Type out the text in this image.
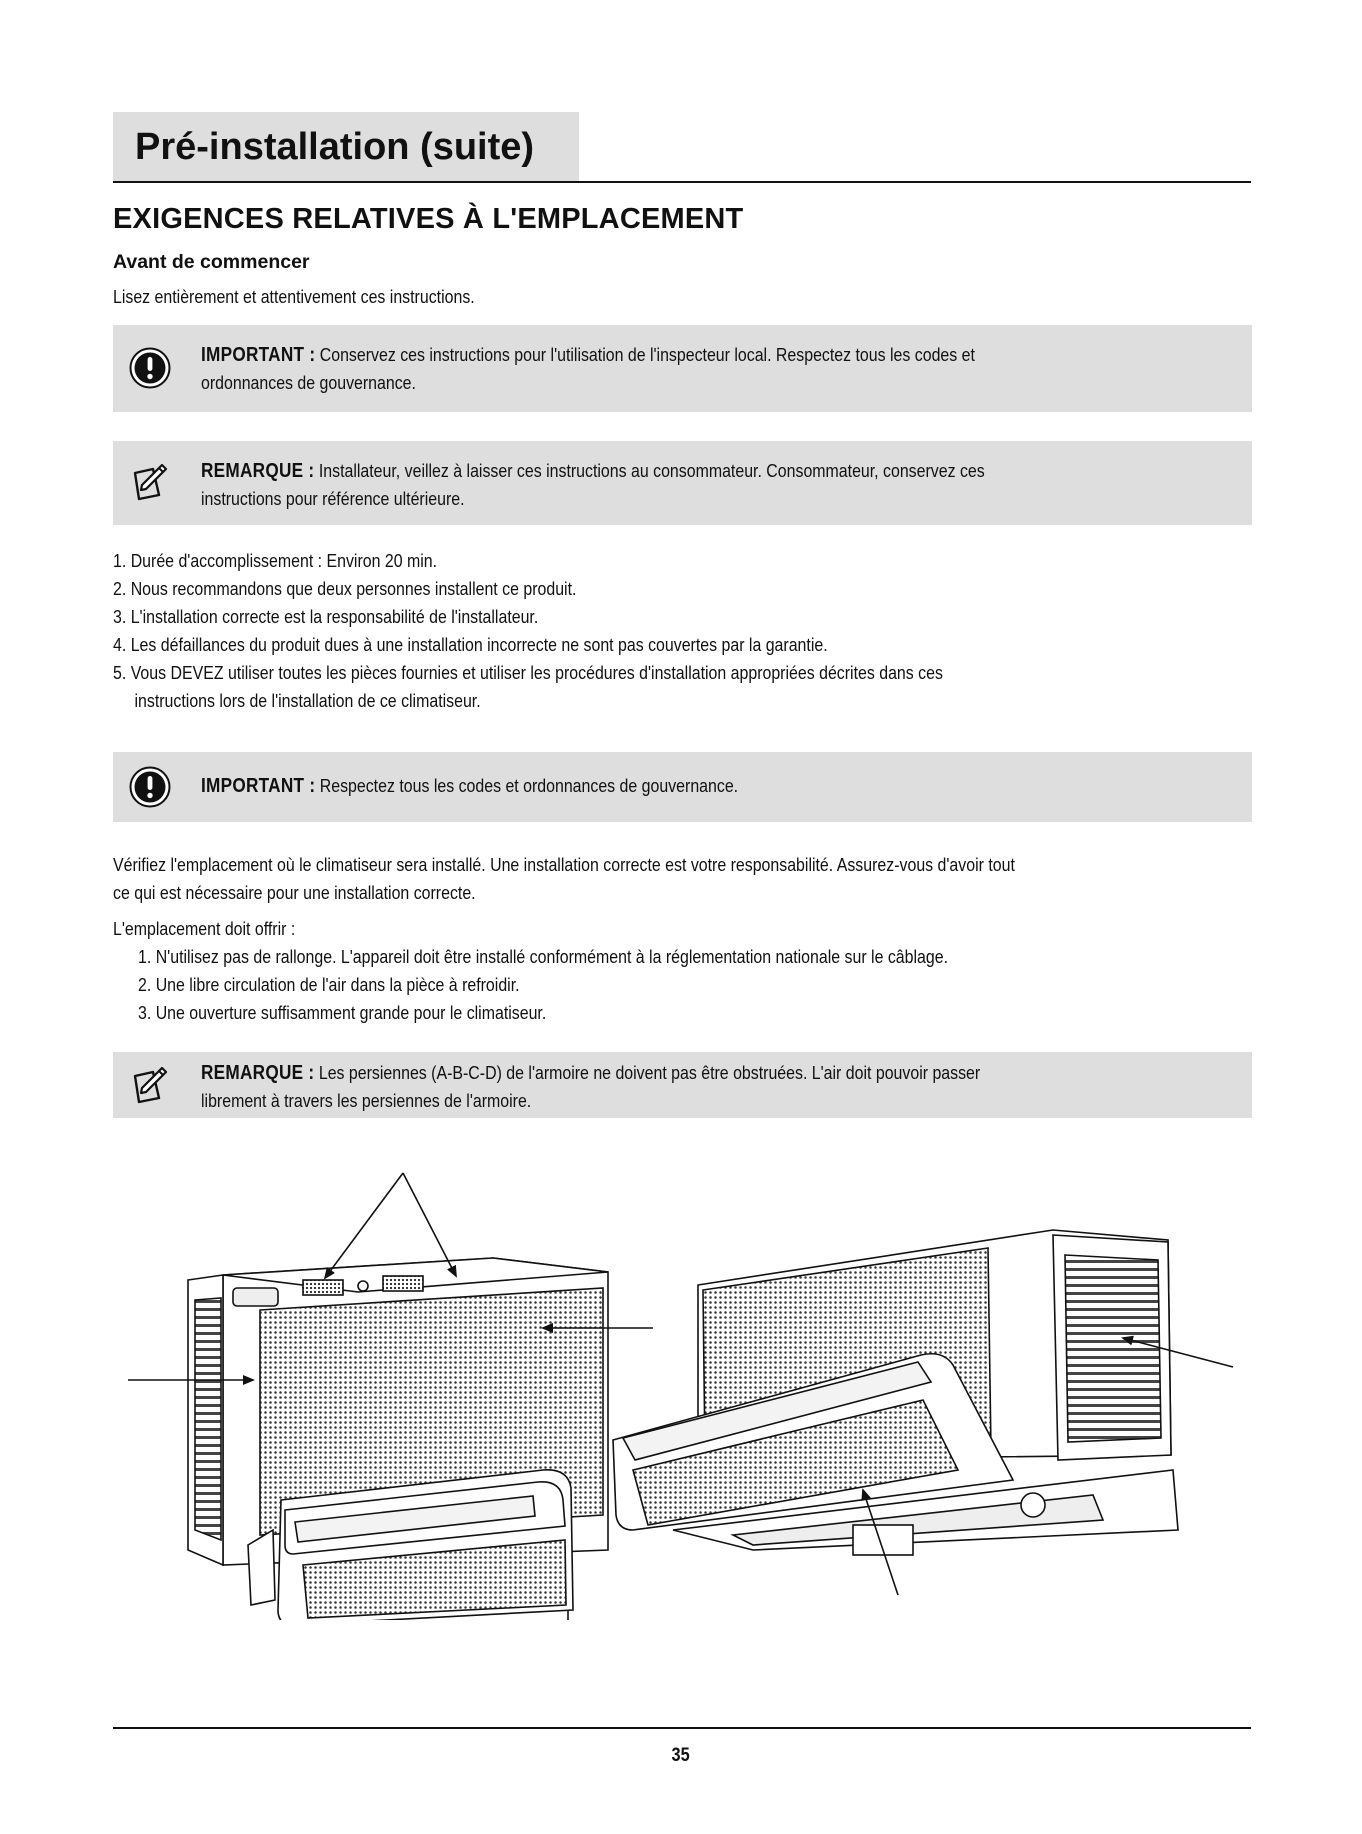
Pré-installation (suite)
EXIGENCES RELATIVES À L'EMPLACEMENT
Avant de commencer
Lisez entièrement et attentivement ces instructions.
IMPORTANT : Conservez ces instructions pour l'utilisation de l'inspecteur local. Respectez tous les codes et
ordonnances de gouvernance.
REMARQUE : Installateur, veillez à laisser ces instructions au consommateur. Consommateur, conservez ces
instructions pour référence ultérieure.
1. Durée d'accomplissement : Environ 20 min.
2. Nous recommandons que deux personnes installent ce produit.
3. L'installation correcte est la responsabilité de l'installateur.
4. Les défaillances du produit dues à une installation incorrecte ne sont pas couvertes par la garantie.
5. Vous DEVEZ utiliser toutes les pièces fournies et utiliser les procédures d'installation appropriées décrites dans ces
instructions lors de l'installation de ce climatiseur.
IMPORTANT : Respectez tous les codes et ordonnances de gouvernance.
Vérifiez l'emplacement où le climatiseur sera installé. Une installation correcte est votre responsabilité. Assurez-vous d'avoir tout
ce qui est nécessaire pour une installation correcte.
L'emplacement doit offrir :
1. N'utilisez pas de rallonge. L'appareil doit être installé conformément à la réglementation nationale sur le câblage.
2. Une libre circulation de l'air dans la pièce à refroidir.
3. Une ouverture suffisamment grande pour le climatiseur.
REMARQUE : Les persiennes (A-B-C-D) de l'armoire ne doivent pas être obstruées. L'air doit pouvoir passer
librement à travers les persiennes de l'armoire.
35
